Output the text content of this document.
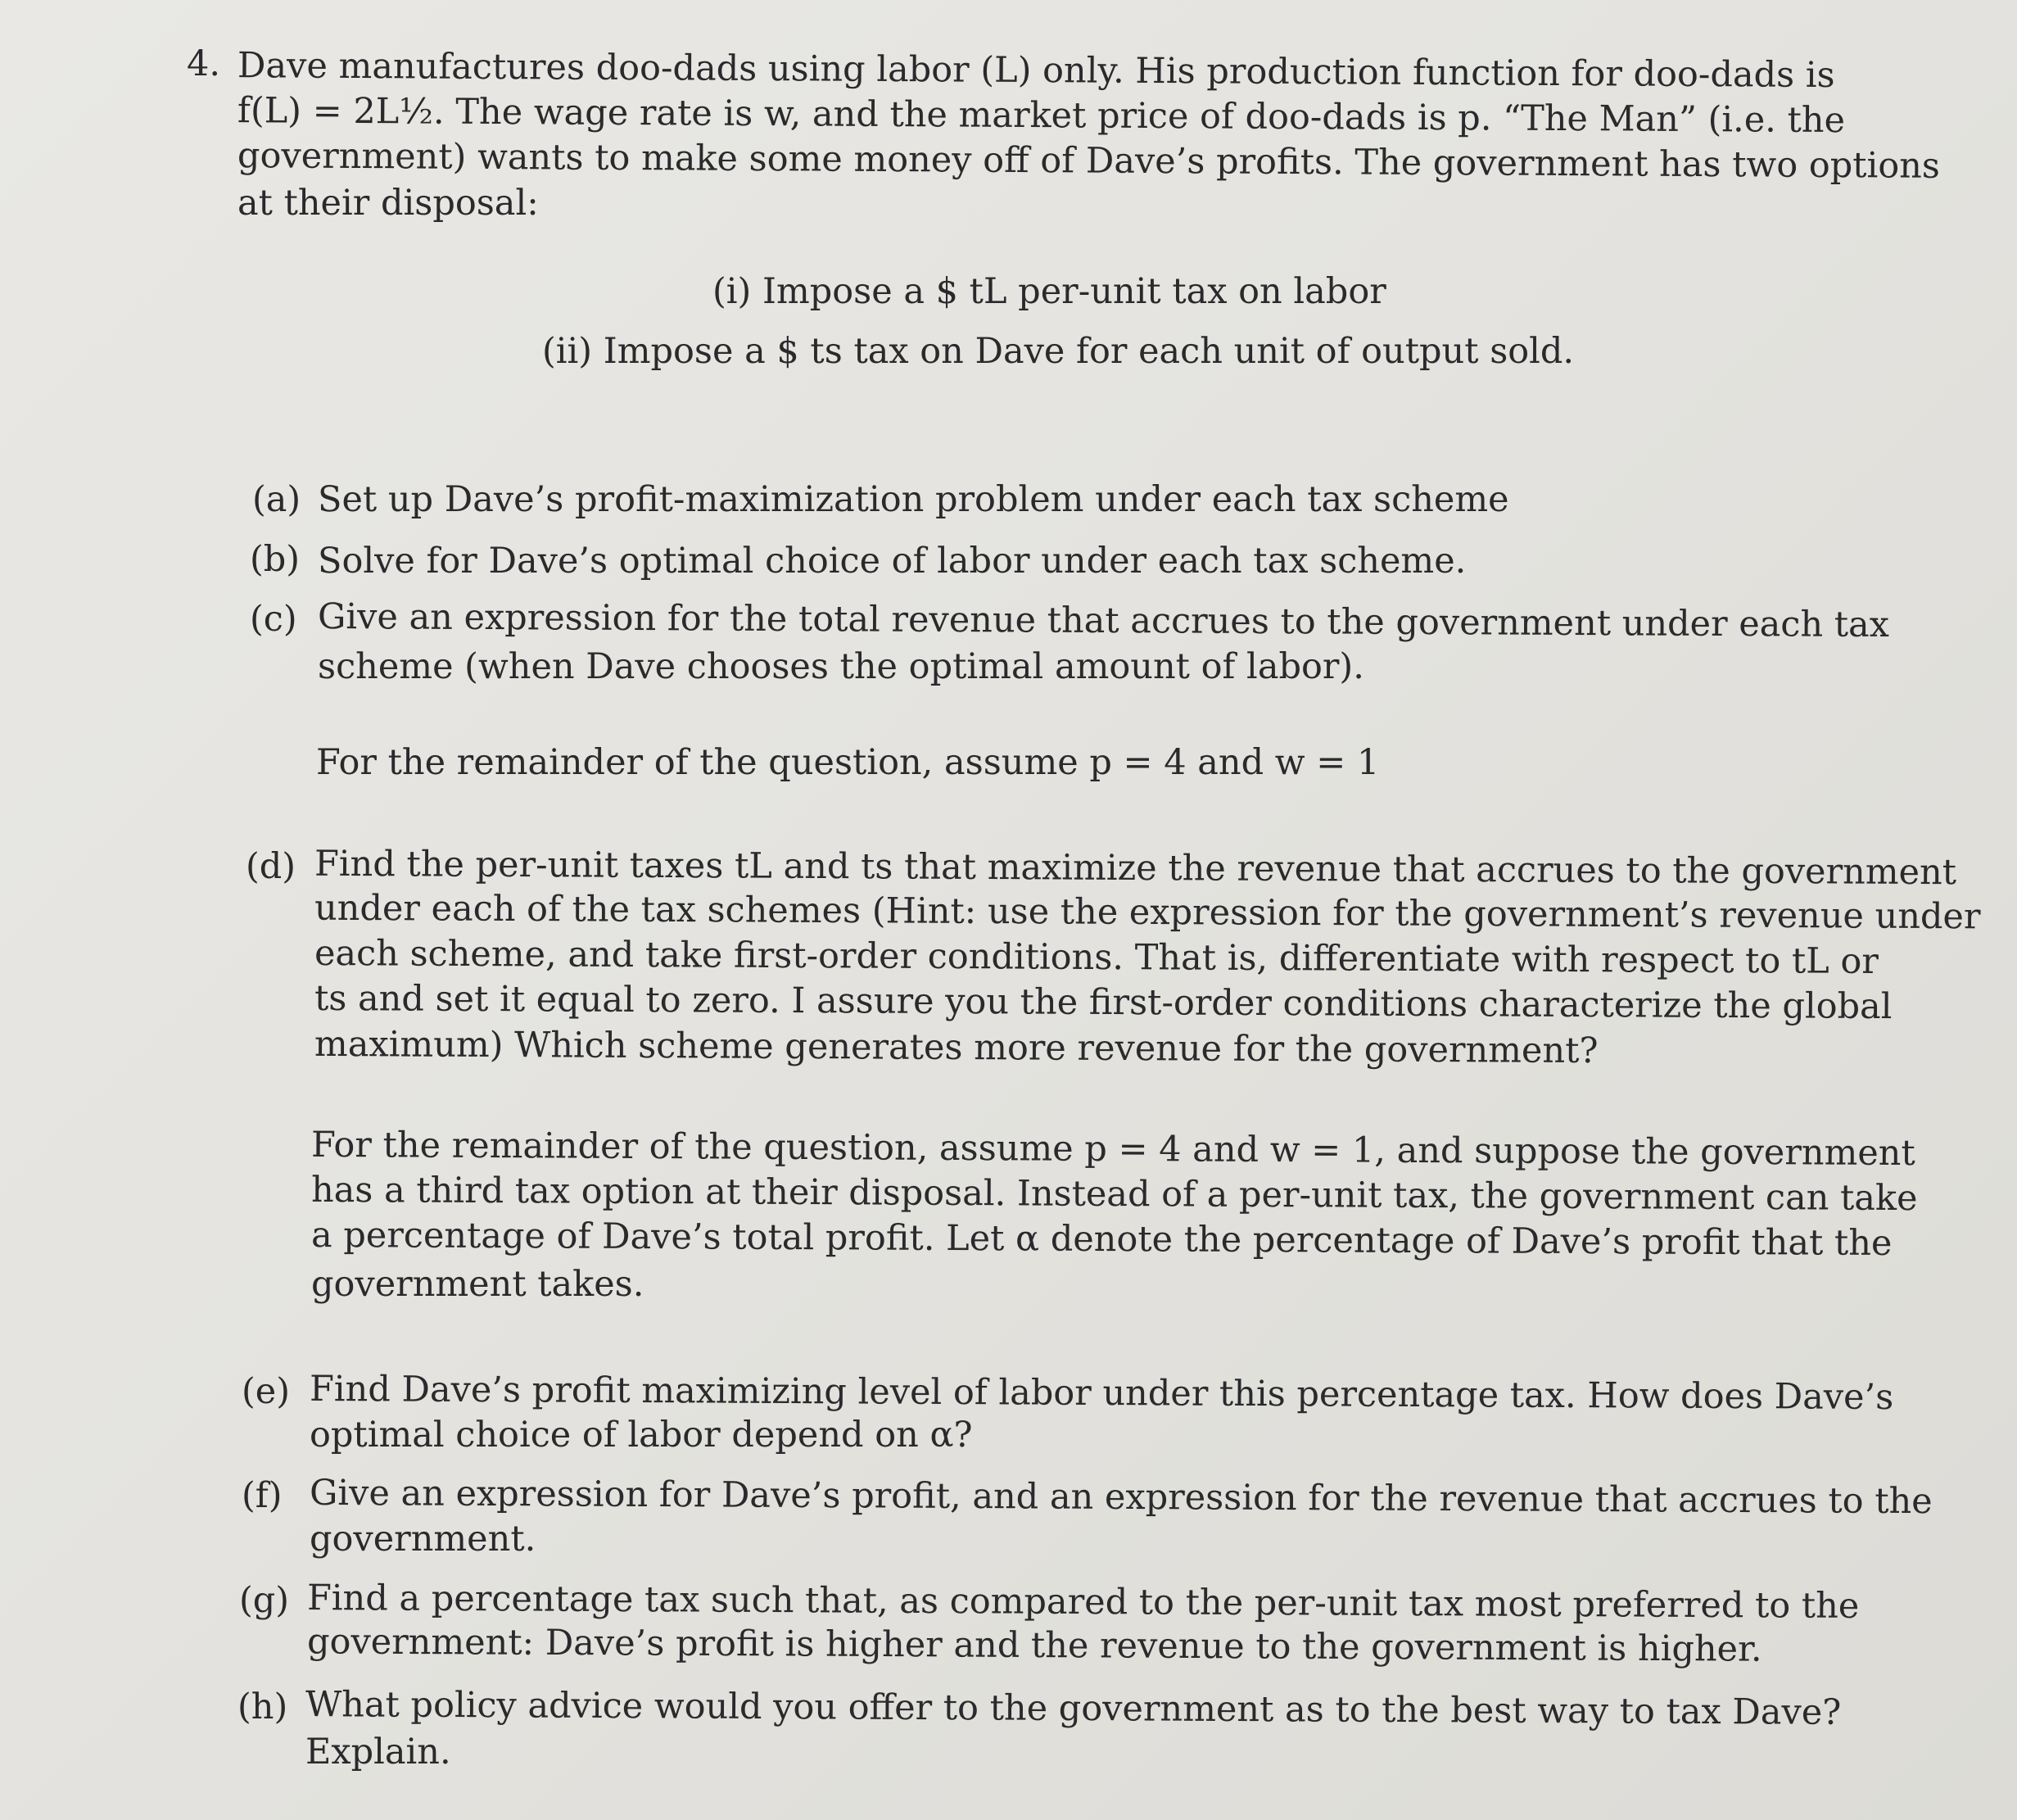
4. Dave manufactures doo-dads using labor (L) only. His production function for doo-dads is
f(L) = 2L½. The wage rate is w, and the market price of doo-dads is p. “The Man” (i.e. the
government) wants to make some money off of Dave’s profits. The government has two options
at their disposal:
(i) Impose a $ tL per-unit tax on labor
(ii) Impose a $ ts tax on Dave for each unit of output sold.
(a) Set up Dave’s profit-maximization problem under each tax scheme
(b) Solve for Dave’s optimal choice of labor under each tax scheme.
(c) Give an expression for the total revenue that accrues to the government under each tax
scheme (when Dave chooses the optimal amount of labor).
For the remainder of the question, assume p = 4 and w = 1
(d) Find the per-unit taxes tL and ts that maximize the revenue that accrues to the government
under each of the tax schemes (Hint: use the expression for the government’s revenue under
each scheme, and take first-order conditions. That is, differentiate with respect to tL or
ts and set it equal to zero. I assure you the first-order conditions characterize the global
maximum) Which scheme generates more revenue for the government?
For the remainder of the question, assume p = 4 and w = 1, and suppose the government
has a third tax option at their disposal. Instead of a per-unit tax, the government can take
a percentage of Dave’s total profit. Let α denote the percentage of Dave’s profit that the
government takes.
(e) Find Dave’s profit maximizing level of labor under this percentage tax. How does Dave’s
optimal choice of labor depend on α?
(f) Give an expression for Dave’s profit, and an expression for the revenue that accrues to the
government.
(g) Find a percentage tax such that, as compared to the per-unit tax most preferred to the
government: Dave’s profit is higher and the revenue to the government is higher.
(h) What policy advice would you offer to the government as to the best way to tax Dave?
Explain.
